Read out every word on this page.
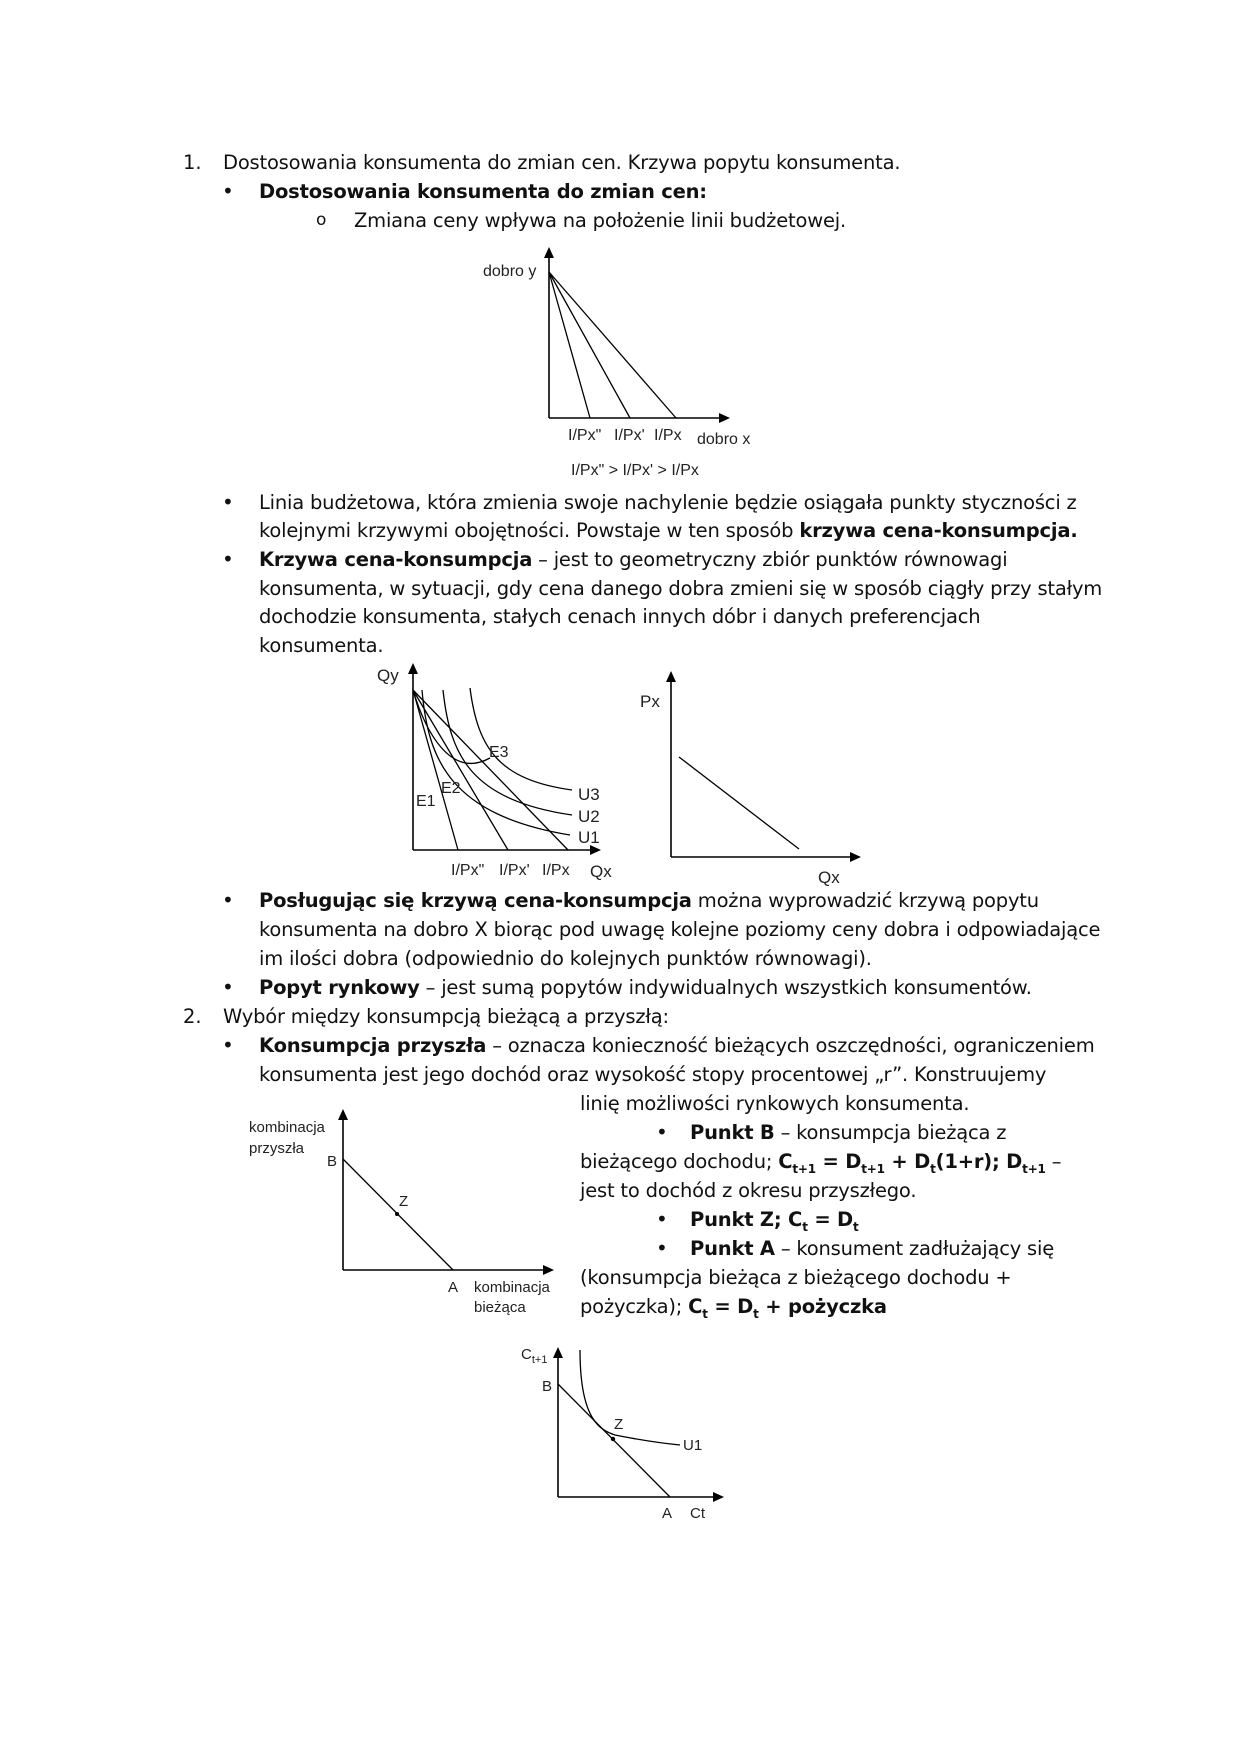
1. Dostosowania konsumenta do zmian cen. Krzywa popytu konsumenta.
• Dostosowania konsumenta do zmian cen:
o Zmiana ceny wpływa na położenie linii budżetowej.
dobro y
I/Px" I/Px' I/Px dobro x
I/Px" > I/Px' > I/Px
• Linia budżetowa, która zmienia swoje nachylenie będzie osiągała punkty styczności z
kolejnymi krzywymi obojętności. Powstaje w ten sposób krzywa cena-konsumpcja.
• Krzywa cena-konsumpcja – jest to geometryczny zbiór punktów równowagi
konsumenta, w sytuacji, gdy cena danego dobra zmieni się w sposób ciągły przy stałym
dochodzie konsumenta, stałych cenach innych dóbr i danych preferencjach
konsumenta.
Qy
E1
E2
E3
U3
U2
U1
I/Px" I/Px' I/Px Qx
Px
Qx
• Posługując się krzywą cena-konsumpcja można wyprowadzić krzywą popytu
konsumenta na dobro X biorąc pod uwagę kolejne poziomy ceny dobra i odpowiadające
im ilości dobra (odpowiednio do kolejnych punktów równowagi).
• Popyt rynkowy – jest sumą popytów indywidualnych wszystkich konsumentów.
2. Wybór między konsumpcją bieżącą a przyszłą:
• Konsumpcja przyszła – oznacza konieczność bieżących oszczędności, ograniczeniem
konsumenta jest jego dochód oraz wysokość stopy procentowej „r”. Konstruujemy
linię możliwości rynkowych konsumenta.
kombinacja
przyszła
B
Z
A kombinacja
bieżąca
• Punkt B – konsumpcja bieżąca z
bieżącego dochodu; $C_{t+1} = D_{t+1} + D_t(1+r)$; $D_{t+1}$ –
jest to dochód z okresu przyszłego.
• Punkt Z; $C_t = D_t$
• Punkt A – konsument zadłużający się
(konsumpcja bieżąca z bieżącego dochodu +
pożyczka); $C_t = D_t$ + pożyczka
$C_{t+1}$
B
Z
U1
A Ct
